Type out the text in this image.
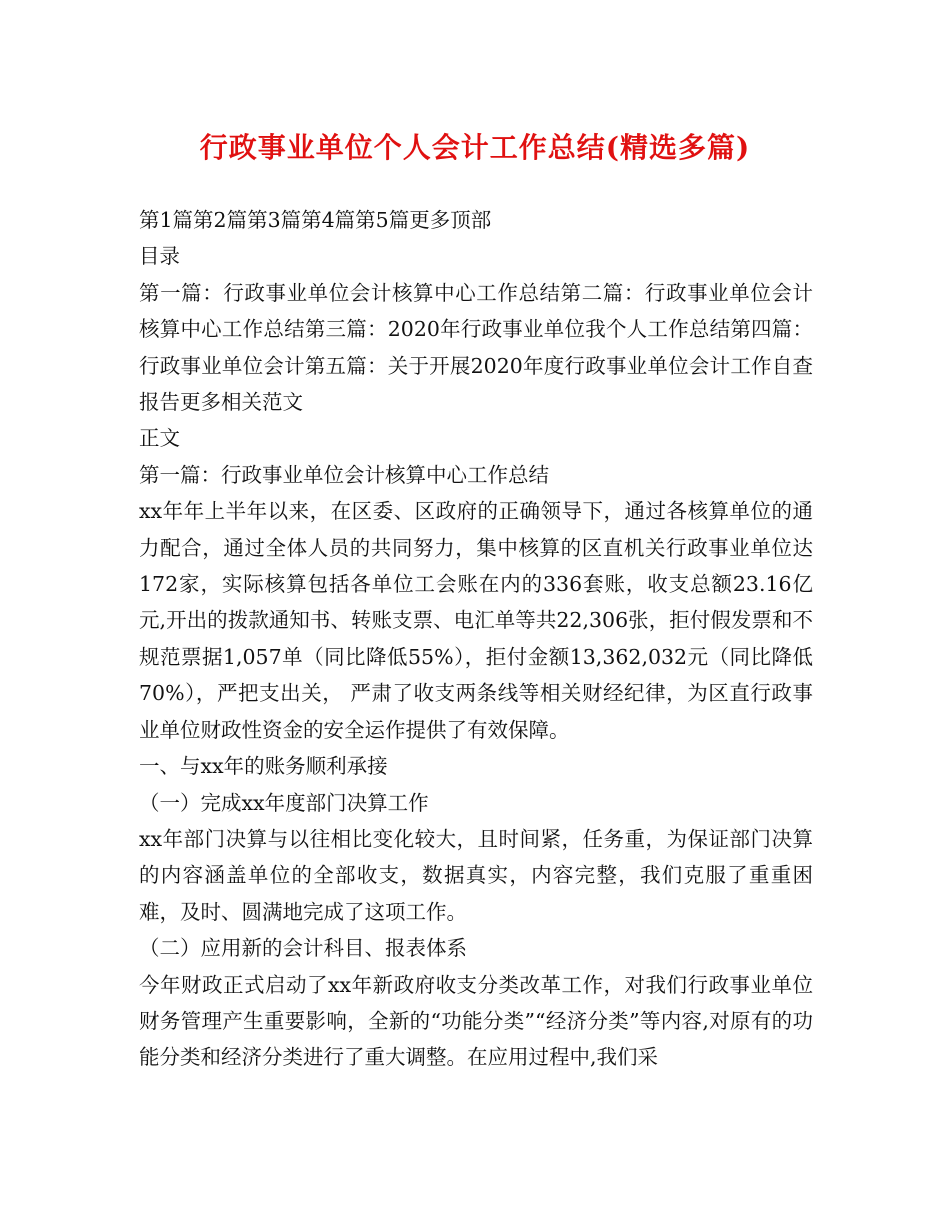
行政事业单位个人会计工作总结(精选多篇)

第1篇第2篇第3篇第4篇第5篇更多顶部

目录

第一篇：行政事业单位会计核算中心工作总结第二篇：行政事业单位会计核算中心工作总结第三篇：2020年行政事业单位我个人工作总结第四篇：行政事业单位会计第五篇：关于开展2020年度行政事业单位会计工作自查报告更多相关范文

正文

第一篇：行政事业单位会计核算中心工作总结

xx年年上半年以来，在区委、区政府的正确领导下，通过各核算单位的通力配合，通过全体人员的共同努力，集中核算的区直机关行政事业单位达172家，实际核算包括各单位工会账在内的336套账，收支总额23.16亿元,开出的拨款通知书、转账支票、电汇单等共22,306张，拒付假发票和不规范票据1,057单（同比降低55%），拒付金额13,362,032元（同比降低70%），严把支出关， 严肃了收支两条线等相关财经纪律，为区直行政事业单位财政性资金的安全运作提供了有效保障。

一、与xx年的账务顺利承接

（一）完成xx年度部门决算工作

xx年部门决算与以往相比变化较大，且时间紧，任务重，为保证部门决算的内容涵盖单位的全部收支，数据真实，内容完整，我们克服了重重困难，及时、圆满地完成了这项工作。

（二）应用新的会计科目、报表体系

今年财政正式启动了xx年新政府收支分类改革工作，对我们行政事业单位财务管理产生重要影响，全新的“功能分类”“经济分类”等内容,对原有的功能分类和经济分类进行了重大调整。在应用过程中,我们采
